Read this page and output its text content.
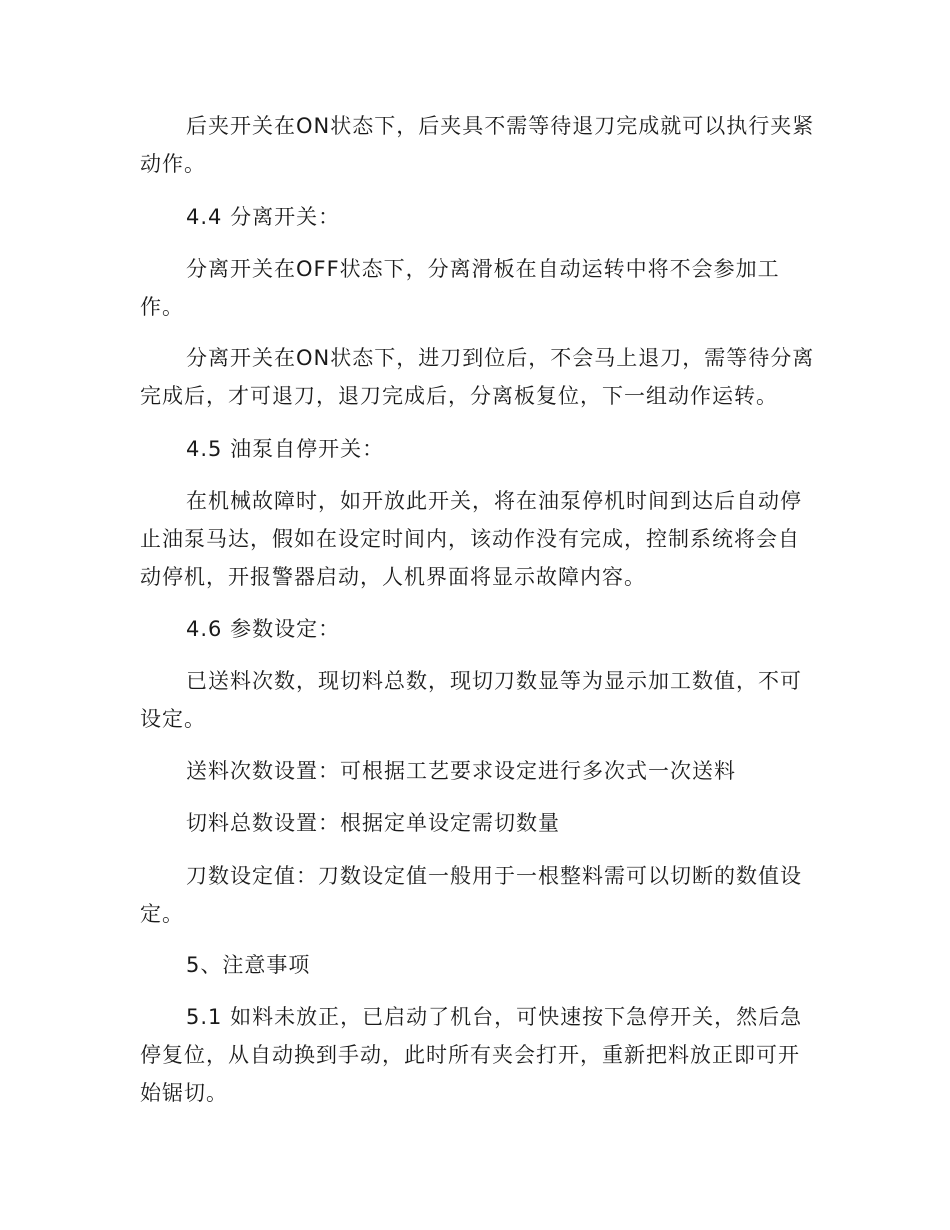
后夹开关在ON状态下，后夹具不需等待退刀完成就可以执行夹紧动作。

4.4 分离开关：

分离开关在OFF状态下，分离滑板在自动运转中将不会参加工作。

分离开关在ON状态下，进刀到位后，不会马上退刀，需等待分离完成后，才可退刀，退刀完成后，分离板复位，下一组动作运转。

4.5 油泵自停开关：

在机械故障时，如开放此开关，将在油泵停机时间到达后自动停止油泵马达，假如在设定时间内，该动作没有完成，控制系统将会自动停机，开报警器启动，人机界面将显示故障内容。

4.6 参数设定：

已送料次数，现切料总数，现切刀数显等为显示加工数值，不可设定。

送料次数设置：可根据工艺要求设定进行多次式一次送料

切料总数设置：根据定单设定需切数量

刀数设定值：刀数设定值一般用于一根整料需可以切断的数值设定。

5、注意事项

5.1 如料未放正，已启动了机台，可快速按下急停开关，然后急停复位，从自动换到手动，此时所有夹会打开，重新把料放正即可开始锯切。
